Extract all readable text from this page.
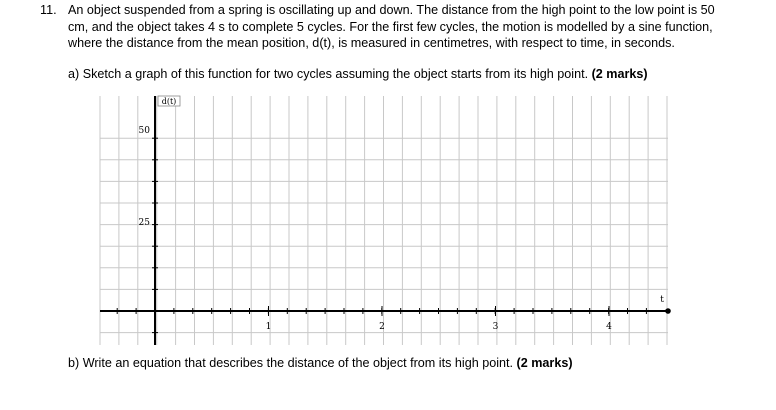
11. An object suspended from a spring is oscillating up and down. The distance from the high point to the low point is 50
cm, and the object takes 4 s to complete 5 cycles. For the first few cycles, the motion is modelled by a sine function,
where the distance from the mean position, d(t), is measured in centimetres, with respect to time, in seconds.
a) Sketch a graph of this function for two cycles assuming the object starts from its high point. (2 marks)
1	2	3	4
50
25
d(t)
t
b) Write an equation that describes the distance of the object from its high point. (2 marks)
